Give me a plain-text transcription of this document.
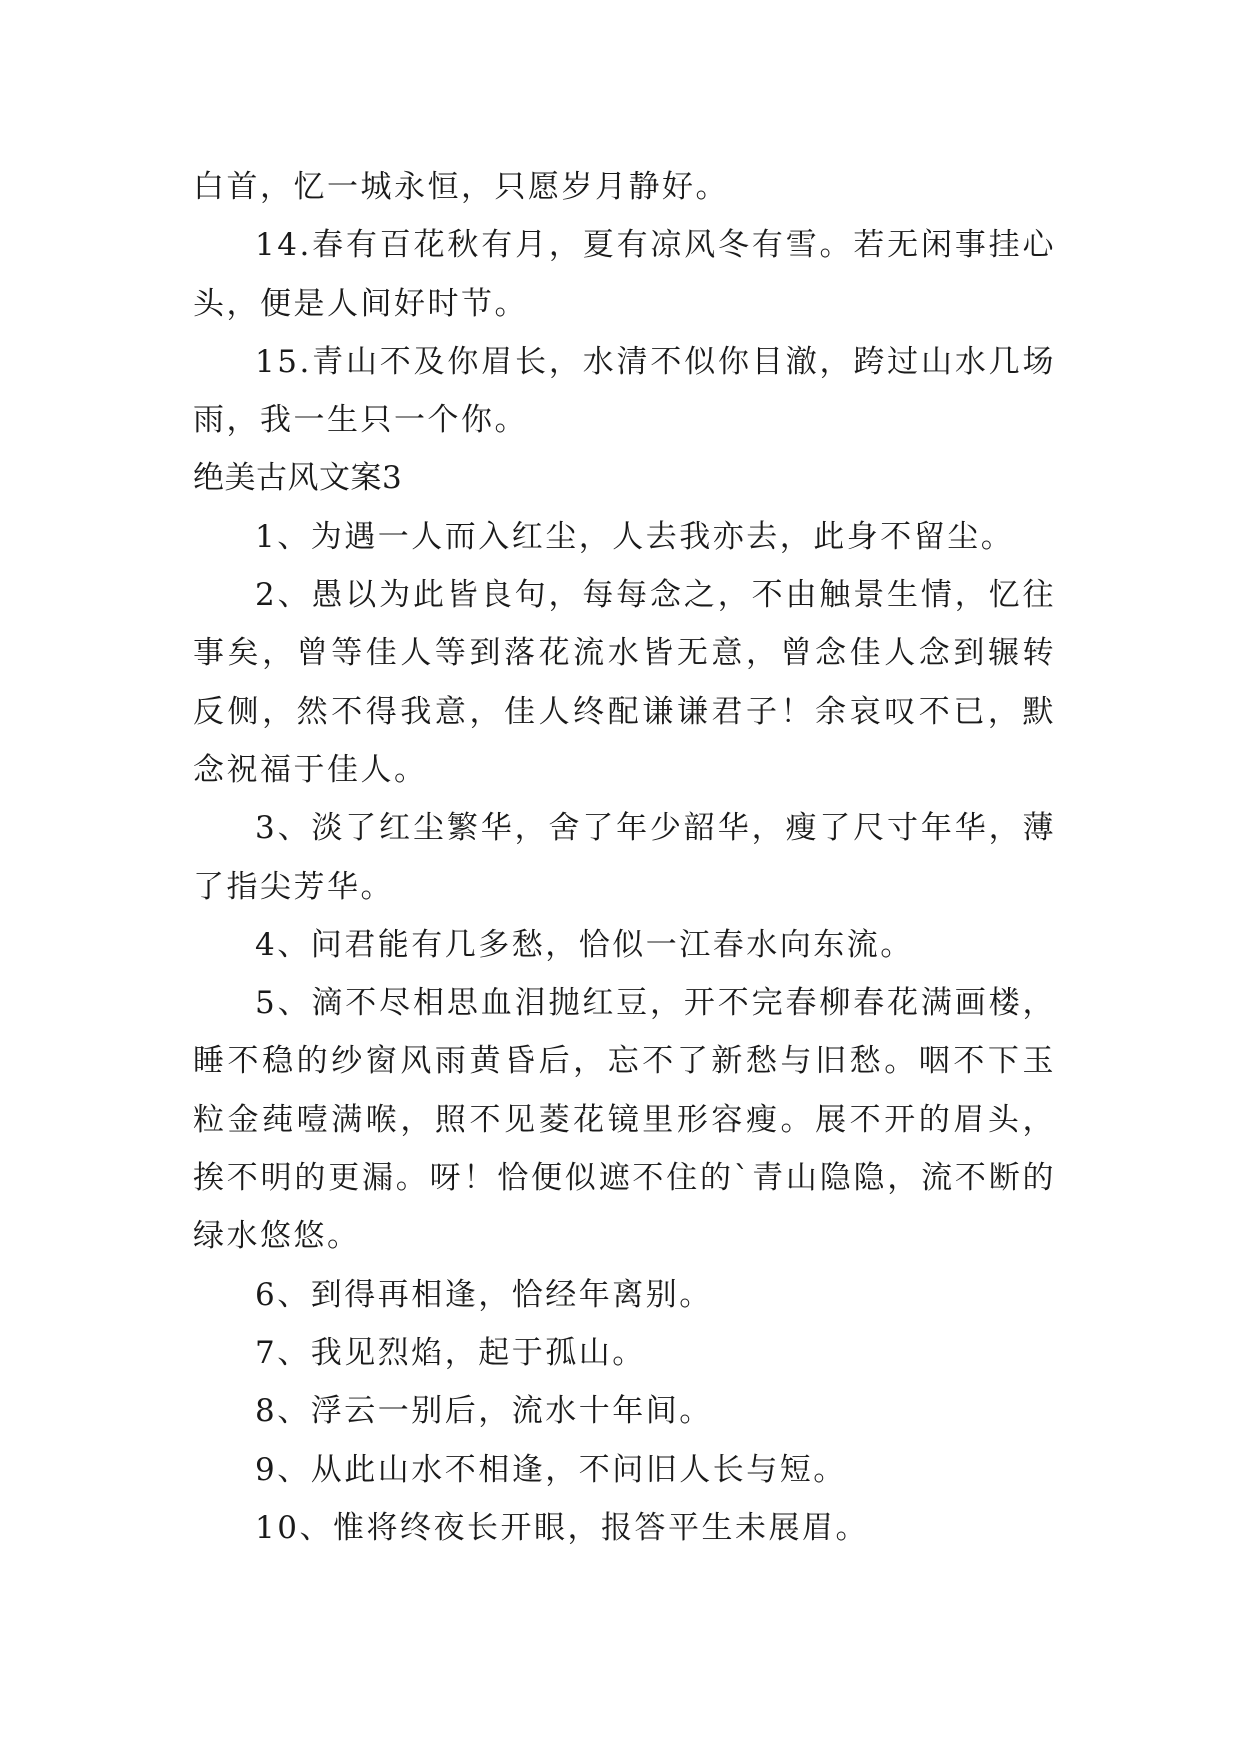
白首，忆一城永恒，只愿岁月静好。

14.春有百花秋有月，夏有凉风冬有雪。若无闲事挂心头，便是人间好时节。

15.青山不及你眉长，水清不似你目澈，跨过山水几场雨，我一生只一个你。

绝美古风文案3

1、为遇一人而入红尘，人去我亦去，此身不留尘。

2、愚以为此皆良句，每每念之，不由触景生情，忆往事矣，曾等佳人等到落花流水皆无意，曾念佳人念到辗转反侧，然不得我意，佳人终配谦谦君子！余哀叹不已，默念祝福于佳人。

3、淡了红尘繁华，舍了年少韶华，瘦了尺寸年华，薄了指尖芳华。

4、问君能有几多愁，恰似一江春水向东流。

5、滴不尽相思血泪抛红豆，开不完春柳春花满画楼，睡不稳的纱窗风雨黄昏后，忘不了新愁与旧愁。咽不下玉粒金莼噎满喉，照不见菱花镜里形容瘦。展不开的眉头，挨不明的更漏。呀！恰便似遮不住的`青山隐隐，流不断的绿水悠悠。

6、到得再相逢，恰经年离别。

7、我见烈焰，起于孤山。

8、浮云一别后，流水十年间。

9、从此山水不相逢，不问旧人长与短。

10、惟将终夜长开眼，报答平生未展眉。
